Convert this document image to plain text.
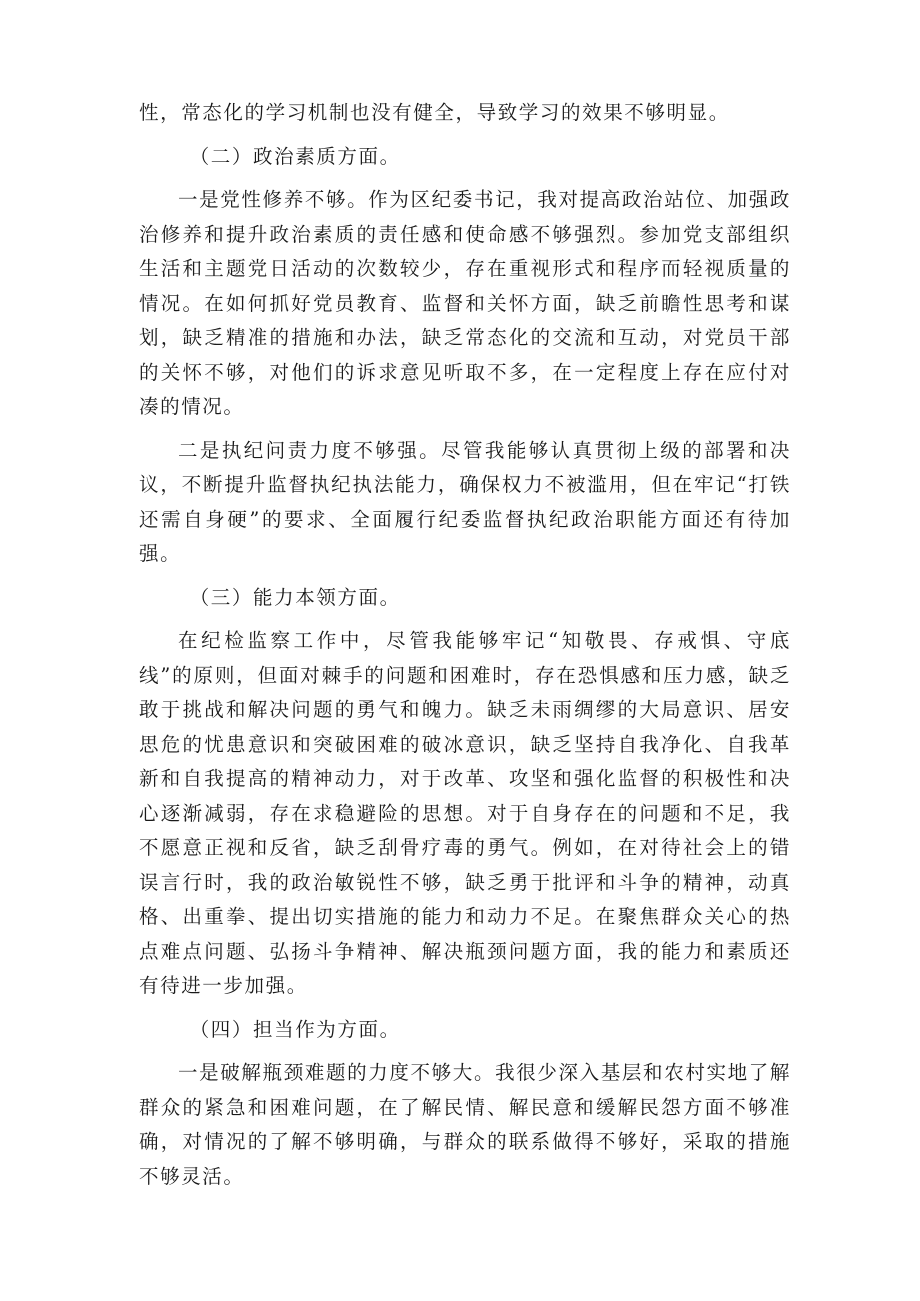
性，常态化的学习机制也没有健全，导致学习的效果不够明显。

（二）政治素质方面。

一是党性修养不够。作为区纪委书记，我对提高政治站位、加强政治修养和提升政治素质的责任感和使命感不够强烈。参加党支部组织生活和主题党日活动的次数较少，存在重视形式和程序而轻视质量的情况。在如何抓好党员教育、监督和关怀方面，缺乏前瞻性思考和谋划，缺乏精准的措施和办法，缺乏常态化的交流和互动，对党员干部的关怀不够，对他们的诉求意见听取不多，在一定程度上存在应付对凑的情况。

二是执纪问责力度不够强。尽管我能够认真贯彻上级的部署和决议，不断提升监督执纪执法能力，确保权力不被滥用，但在牢记“打铁还需自身硬”的要求、全面履行纪委监督执纪政治职能方面还有待加强。

（三）能力本领方面。

在纪检监察工作中，尽管我能够牢记“知敬畏、存戒惧、守底线”的原则，但面对棘手的问题和困难时，存在恐惧感和压力感，缺乏敢于挑战和解决问题的勇气和魄力。缺乏未雨绸缪的大局意识、居安思危的忧患意识和突破困难的破冰意识，缺乏坚持自我净化、自我革新和自我提高的精神动力，对于改革、攻坚和强化监督的积极性和决心逐渐减弱，存在求稳避险的思想。对于自身存在的问题和不足，我不愿意正视和反省，缺乏刮骨疗毒的勇气。例如，在对待社会上的错误言行时，我的政治敏锐性不够，缺乏勇于批评和斗争的精神，动真格、出重拳、提出切实措施的能力和动力不足。在聚焦群众关心的热点难点问题、弘扬斗争精神、解决瓶颈问题方面，我的能力和素质还有待进一步加强。

（四）担当作为方面。

一是破解瓶颈难题的力度不够大。我很少深入基层和农村实地了解群众的紧急和困难问题，在了解民情、解民意和缓解民怨方面不够准确，对情况的了解不够明确，与群众的联系做得不够好，采取的措施不够灵活。
